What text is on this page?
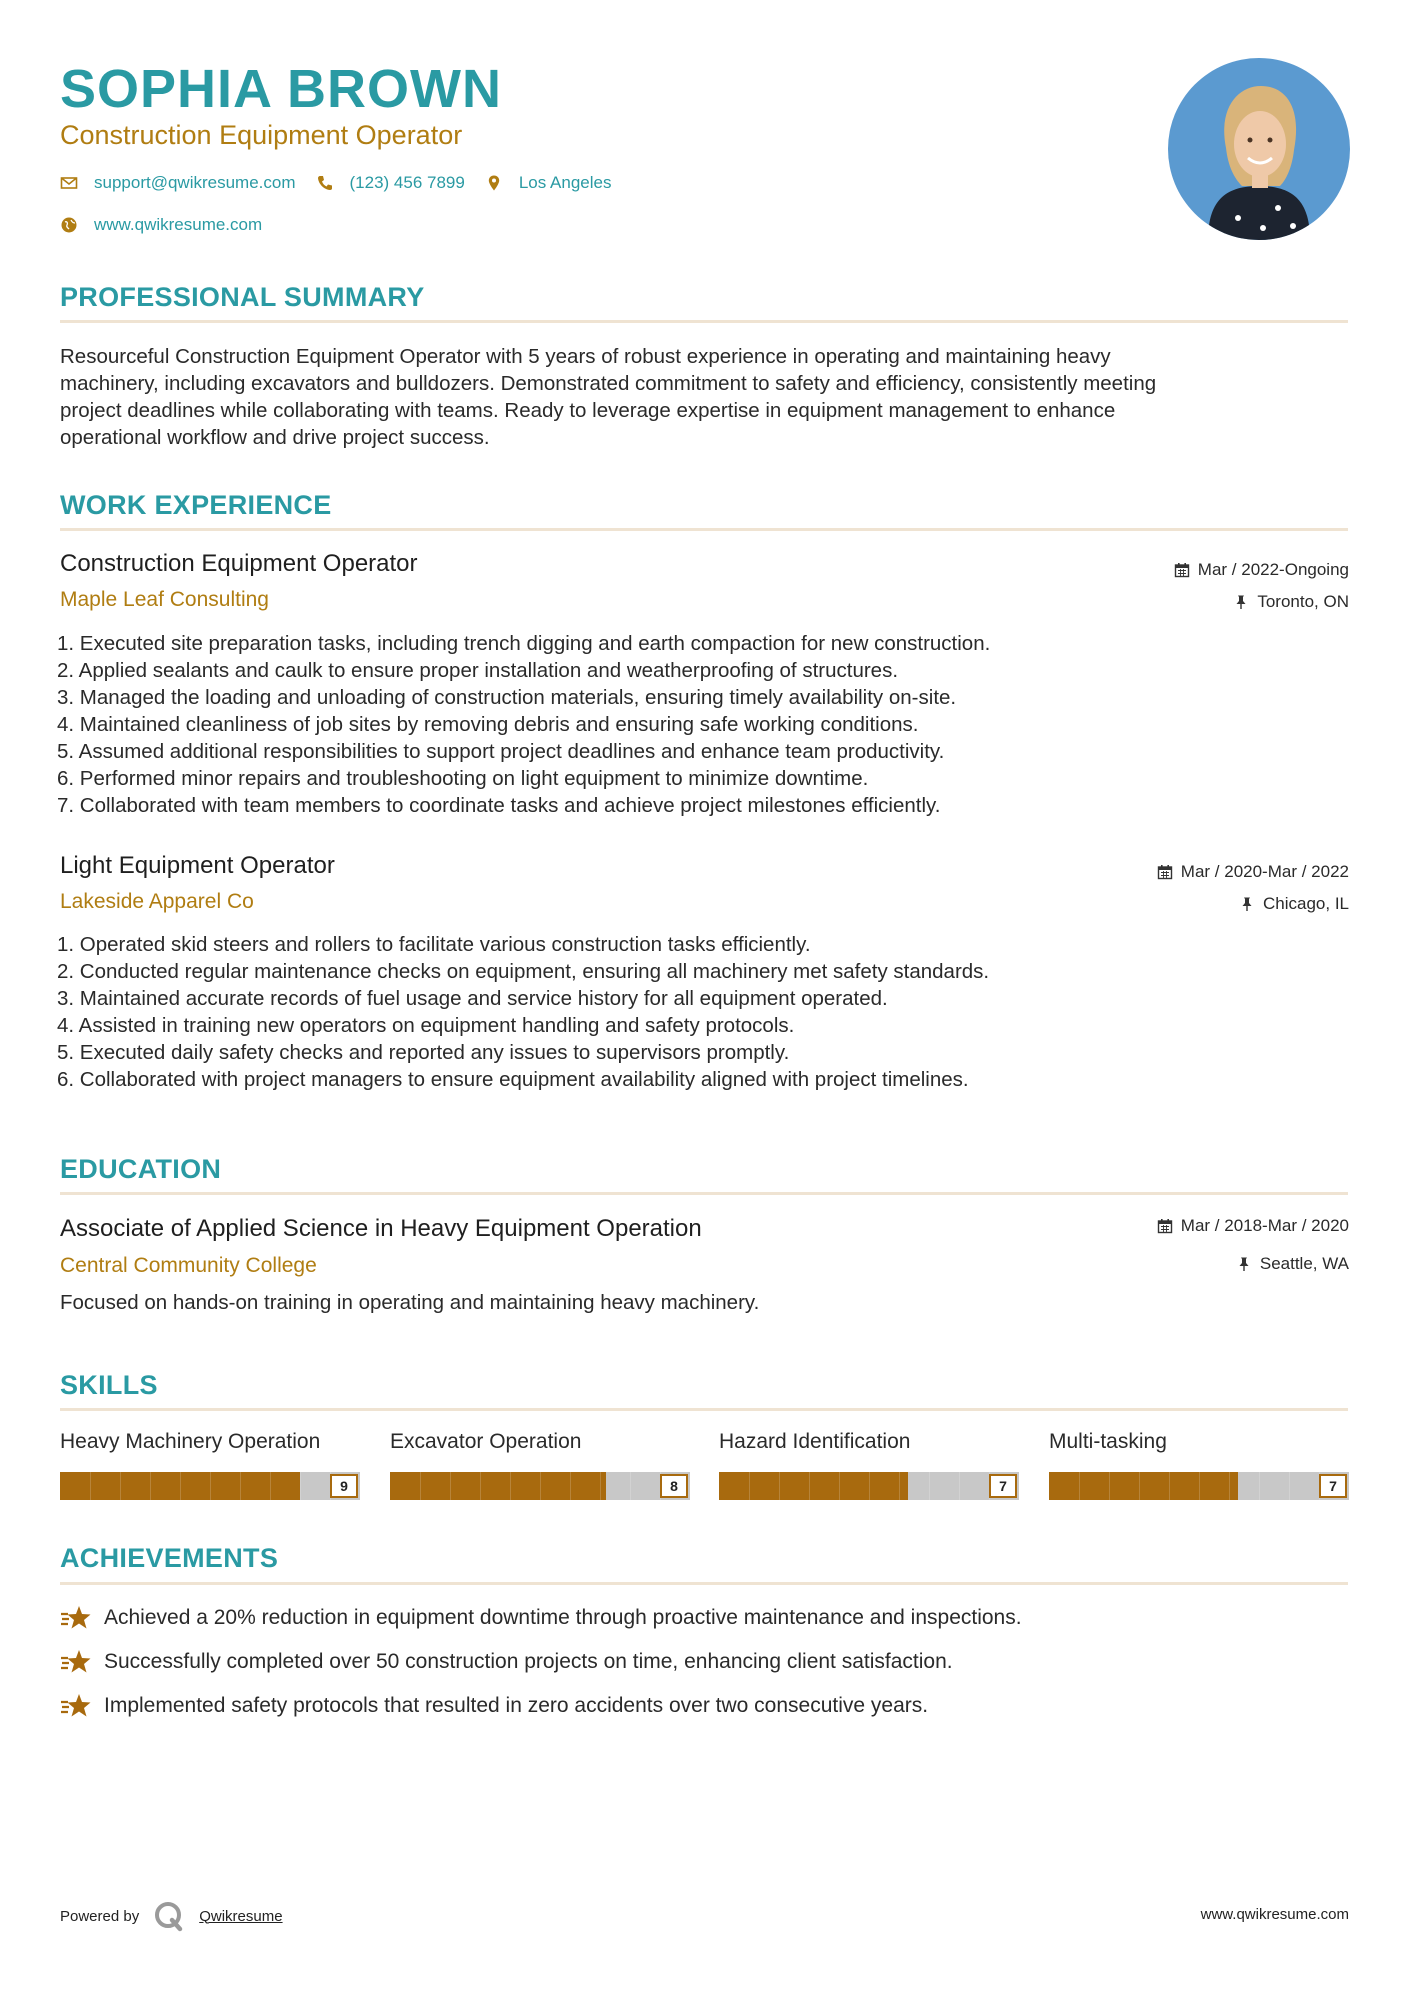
SOPHIA BROWN
Construction Equipment Operator
support@qwikresume.com	(123) 456 7899	Los Angeles
www.qwikresume.com
PROFESSIONAL SUMMARY
Resourceful Construction Equipment Operator with 5 years of robust experience in operating and maintaining heavy
machinery, including excavators and bulldozers. Demonstrated commitment to safety and efficiency, consistently meeting
project deadlines while collaborating with teams. Ready to leverage expertise in equipment management to enhance
operational workflow and drive project success.
WORK EXPERIENCE
Construction Equipment Operator
Maple Leaf Consulting
Mar / 2022-Ongoing
Toronto, ON
1. Executed site preparation tasks, including trench digging and earth compaction for new construction.
2. Applied sealants and caulk to ensure proper installation and weatherproofing of structures.
3. Managed the loading and unloading of construction materials, ensuring timely availability on-site.
4. Maintained cleanliness of job sites by removing debris and ensuring safe working conditions.
5. Assumed additional responsibilities to support project deadlines and enhance team productivity.
6. Performed minor repairs and troubleshooting on light equipment to minimize downtime.
7. Collaborated with team members to coordinate tasks and achieve project milestones efficiently.
Light Equipment Operator
Lakeside Apparel Co
Mar / 2020-Mar / 2022
Chicago, IL
1. Operated skid steers and rollers to facilitate various construction tasks efficiently.
2. Conducted regular maintenance checks on equipment, ensuring all machinery met safety standards.
3. Maintained accurate records of fuel usage and service history for all equipment operated.
4. Assisted in training new operators on equipment handling and safety protocols.
5. Executed daily safety checks and reported any issues to supervisors promptly.
6. Collaborated with project managers to ensure equipment availability aligned with project timelines.
EDUCATION
Associate of Applied Science in Heavy Equipment Operation
Central Community College
Mar / 2018-Mar / 2020
Seattle, WA
Focused on hands-on training in operating and maintaining heavy machinery.
SKILLS
Heavy Machinery Operation
9
Excavator Operation
8
Hazard Identification
7
Multi-tasking
7
ACHIEVEMENTS
Achieved a 20% reduction in equipment downtime through proactive maintenance and inspections.
Successfully completed over 50 construction projects on time, enhancing client satisfaction.
Implemented safety protocols that resulted in zero accidents over two consecutive years.
Powered by	Qwikresume	www.qwikresume.com
